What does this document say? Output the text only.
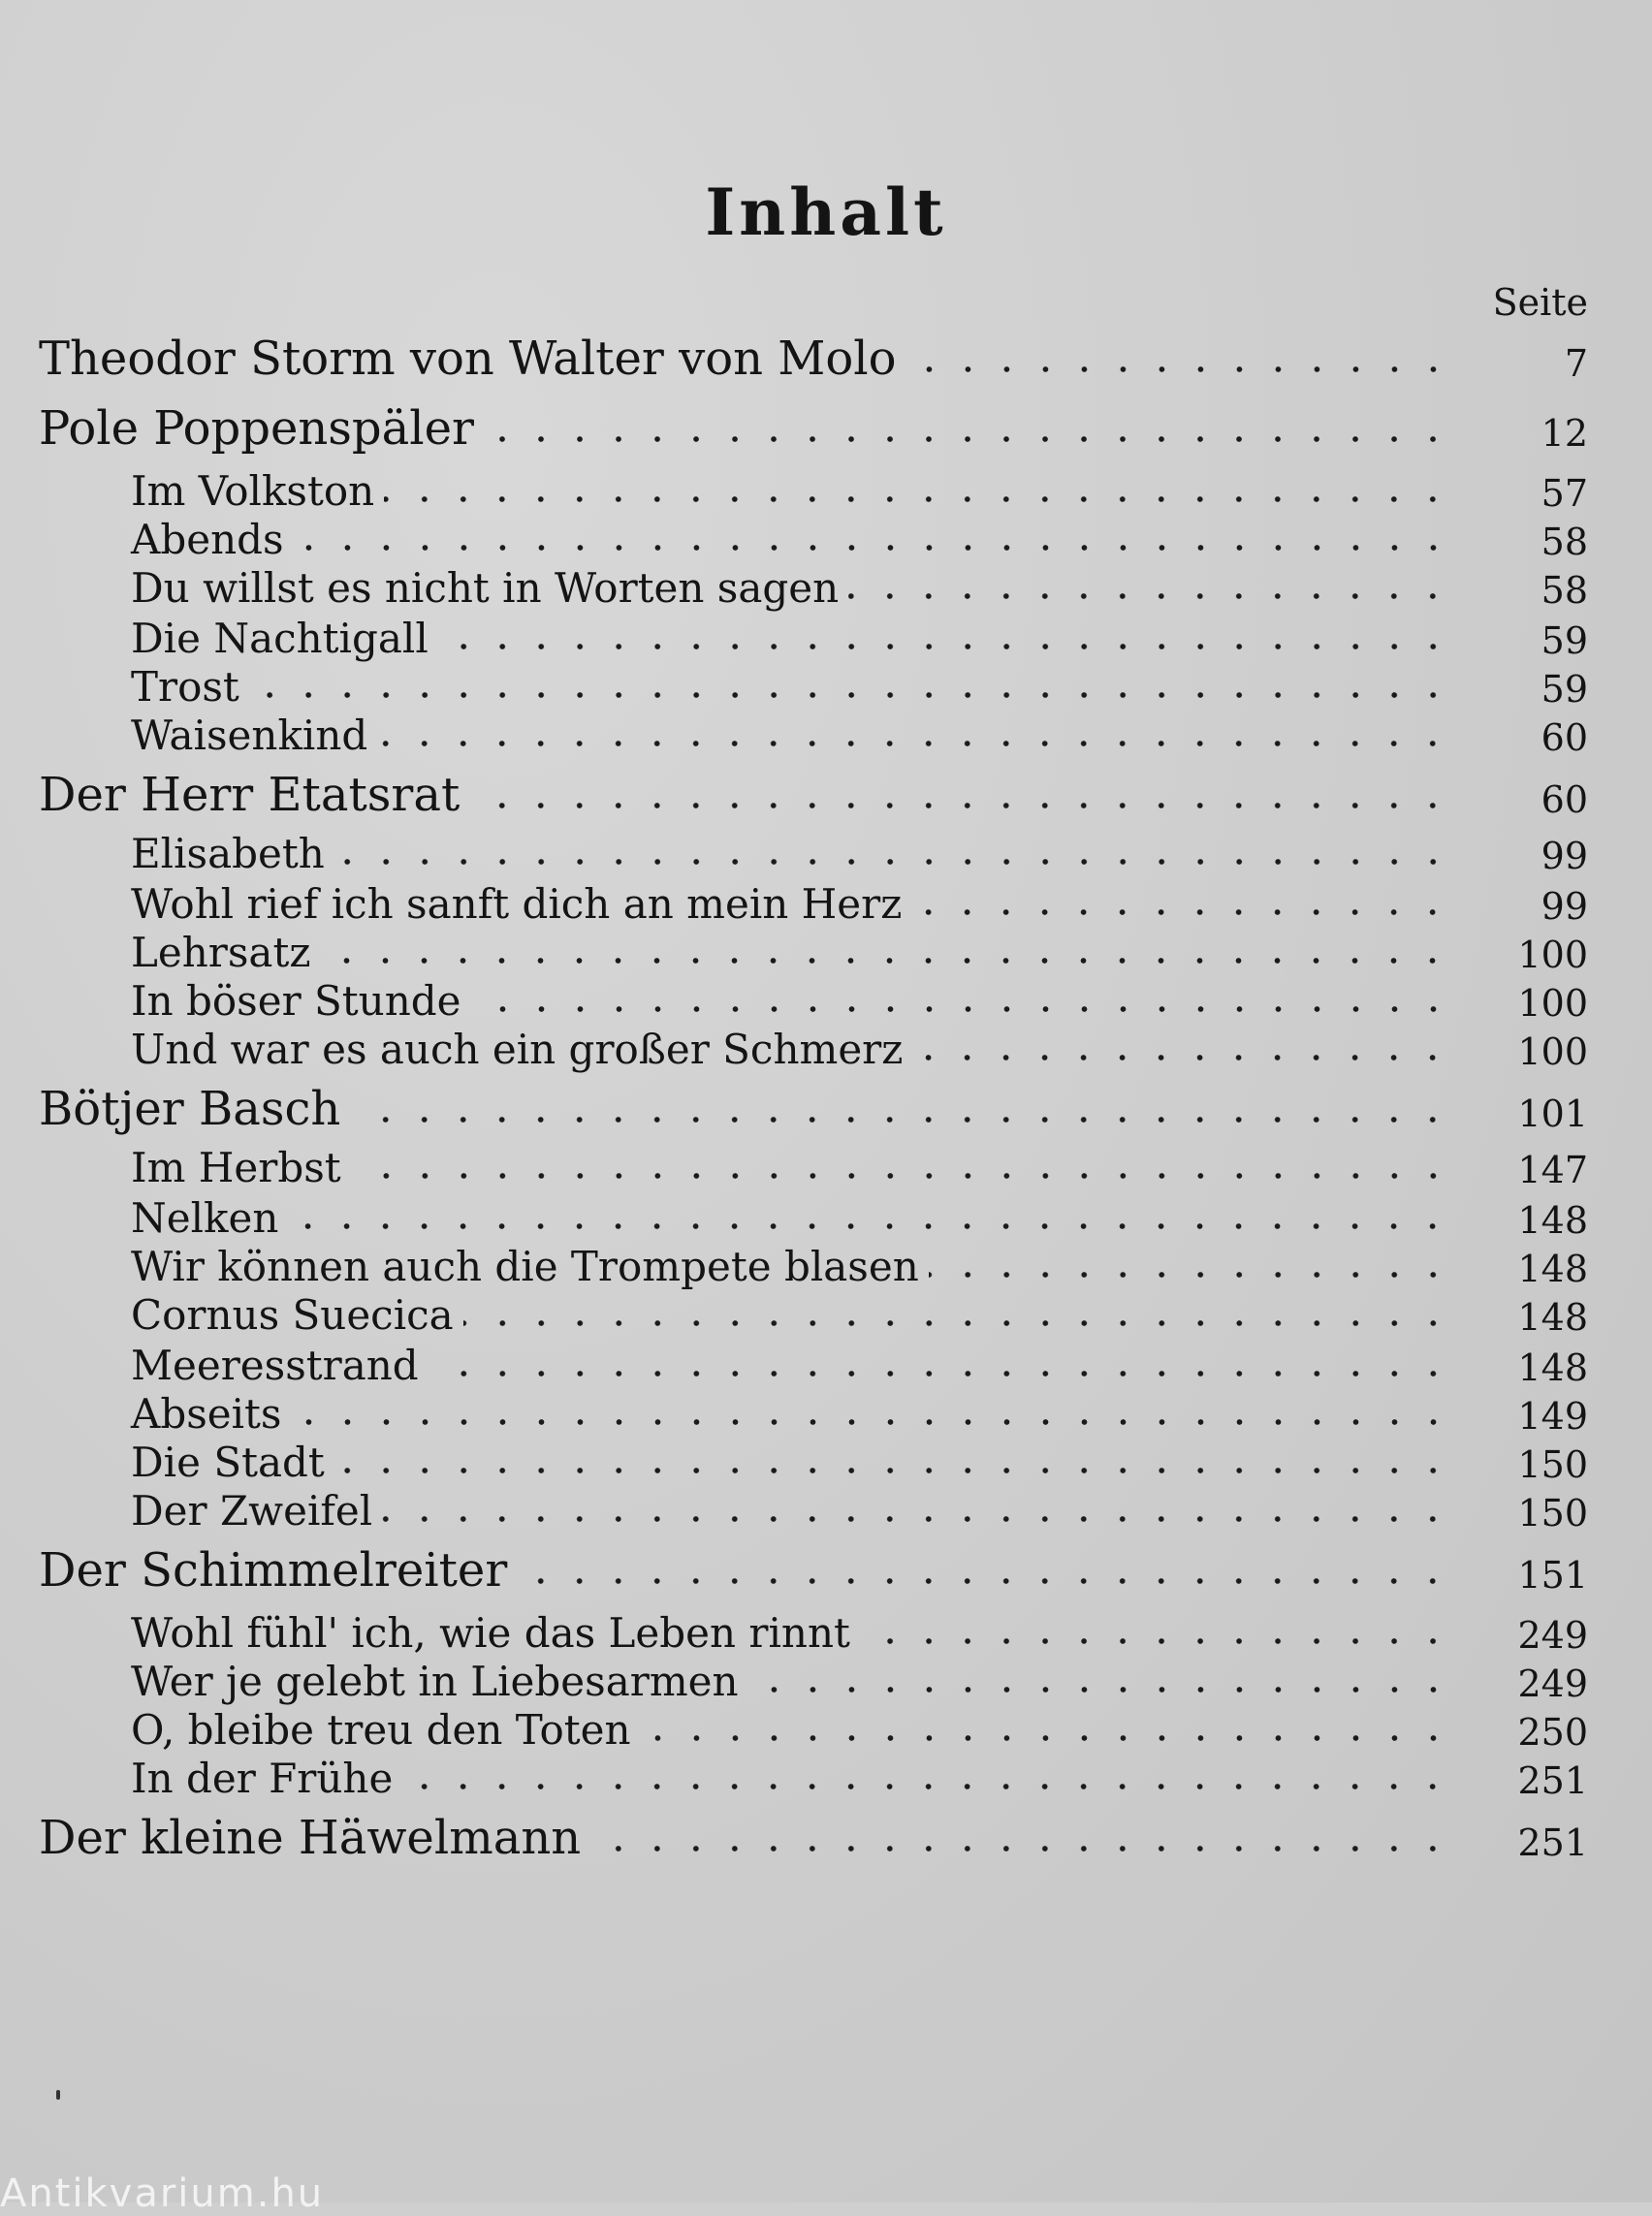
Inhalt
Seite
Theodor Storm von Walter von Molo	7
Pole Poppenspäler	12
Im Volkston	57
Abends	58
Du willst es nicht in Worten sagen	58
Die Nachtigall	59
Trost	59
Waisenkind	60
Der Herr Etatsrat	60
Elisabeth	99
Wohl rief ich sanft dich an mein Herz	99
Lehrsatz	100
In böser Stunde	100
Und war es auch ein großer Schmerz	100
Bötjer Basch	101
Im Herbst	147
Nelken	148
Wir können auch die Trompete blasen	148
Cornus Suecica	148
Meeresstrand	148
Abseits	149
Die Stadt	150
Der Zweifel	150
Der Schimmelreiter	151
Wohl fühl' ich, wie das Leben rinnt	249
Wer je gelebt in Liebesarmen	249
O, bleibe treu den Toten	250
In der Frühe	251
Der kleine Häwelmann	251
Antikvarium.hu
